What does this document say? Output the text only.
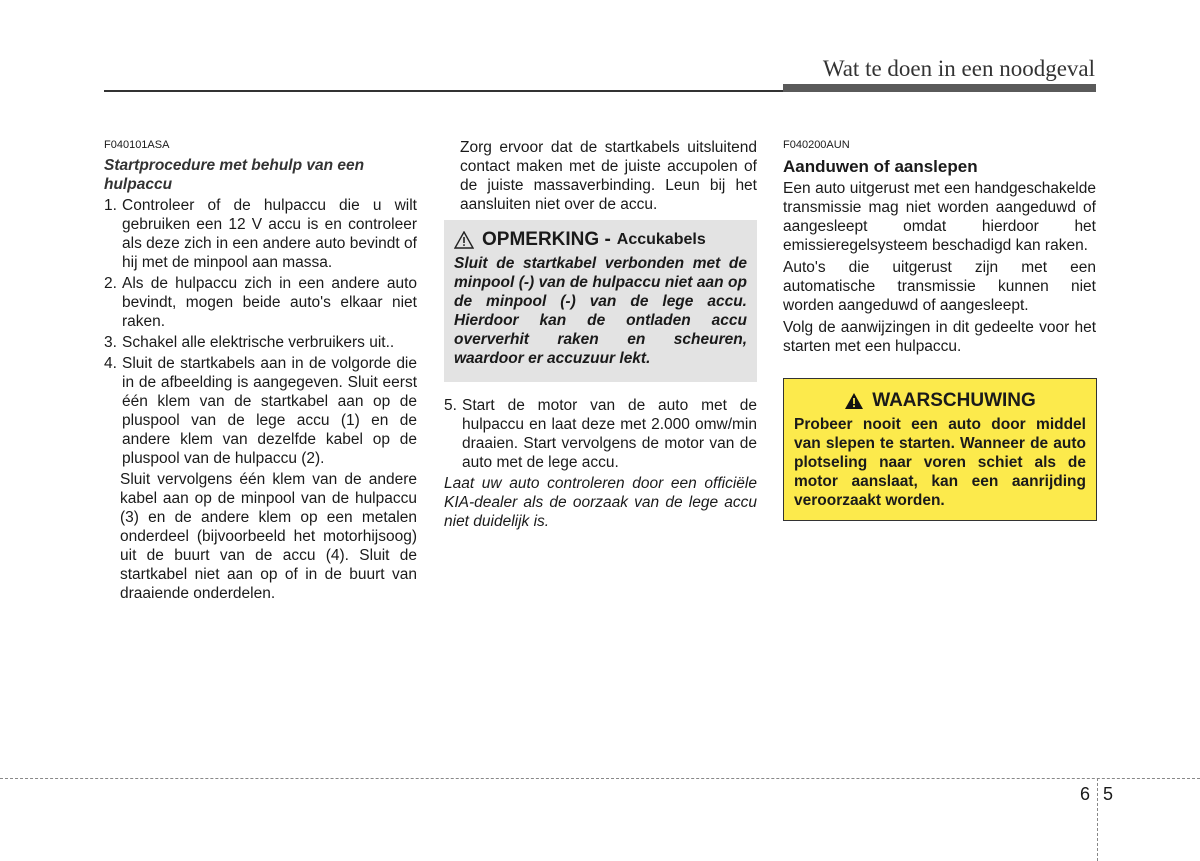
Wat te doen in een noodgeval
F040101ASA
Startprocedure met behulp van een hulpaccu
1. Controleer of de hulpaccu die u wilt gebruiken een 12 V accu is en controleer als deze zich in een andere auto bevindt of hij met de minpool aan massa.
2. Als de hulpaccu zich in een andere auto bevindt, mogen beide auto's elkaar niet raken.
3. Schakel alle elektrische verbruikers uit..
4. Sluit de startkabels aan in de volgorde die in de afbeelding is aangegeven. Sluit eerst één klem van de startkabel aan op de pluspool van de lege accu (1) en de andere klem van dezelfde kabel op de pluspool van de hulpaccu (2).
Sluit vervolgens één klem van de andere kabel aan op de minpool van de hulpaccu (3) en de andere klem op een metalen onderdeel (bijvoorbeeld het motorhijsoog) uit de buurt van de accu (4). Sluit de startkabel niet aan op of in de buurt van draaiende onderdelen.
Zorg ervoor dat de startkabels uitsluitend contact maken met de juiste accupolen of de juiste massaverbinding. Leun bij het aansluiten niet over de accu.
OPMERKING - Accukabels
Sluit de startkabel verbonden met de minpool (-) van de hulpaccu niet aan op de minpool (-) van de lege accu. Hierdoor kan de ontladen accu oververhit raken en scheuren, waardoor er accuzuur lekt.
5. Start de motor van de auto met de hulpaccu en laat deze met 2.000 omw/min draaien. Start vervolgens de motor van de auto met de lege accu.
Laat uw auto controleren door een officiële KIA-dealer als de oorzaak van de lege accu niet duidelijk is.
F040200AUN
Aanduwen of aanslepen
Een auto uitgerust met een handgeschakelde transmissie mag niet worden aangeduwd of aangesleept omdat hierdoor het emissieregelsysteem beschadigd kan raken.
Auto's die uitgerust zijn met een automatische transmissie kunnen niet worden aangeduwd of aangesleept.
Volg de aanwijzingen in dit gedeelte voor het starten met een hulpaccu.
WAARSCHUWING
Probeer nooit een auto door middel van slepen te starten. Wanneer de auto plotseling naar voren schiet als de motor aanslaat, kan een aanrijding veroorzaakt worden.
6 5
